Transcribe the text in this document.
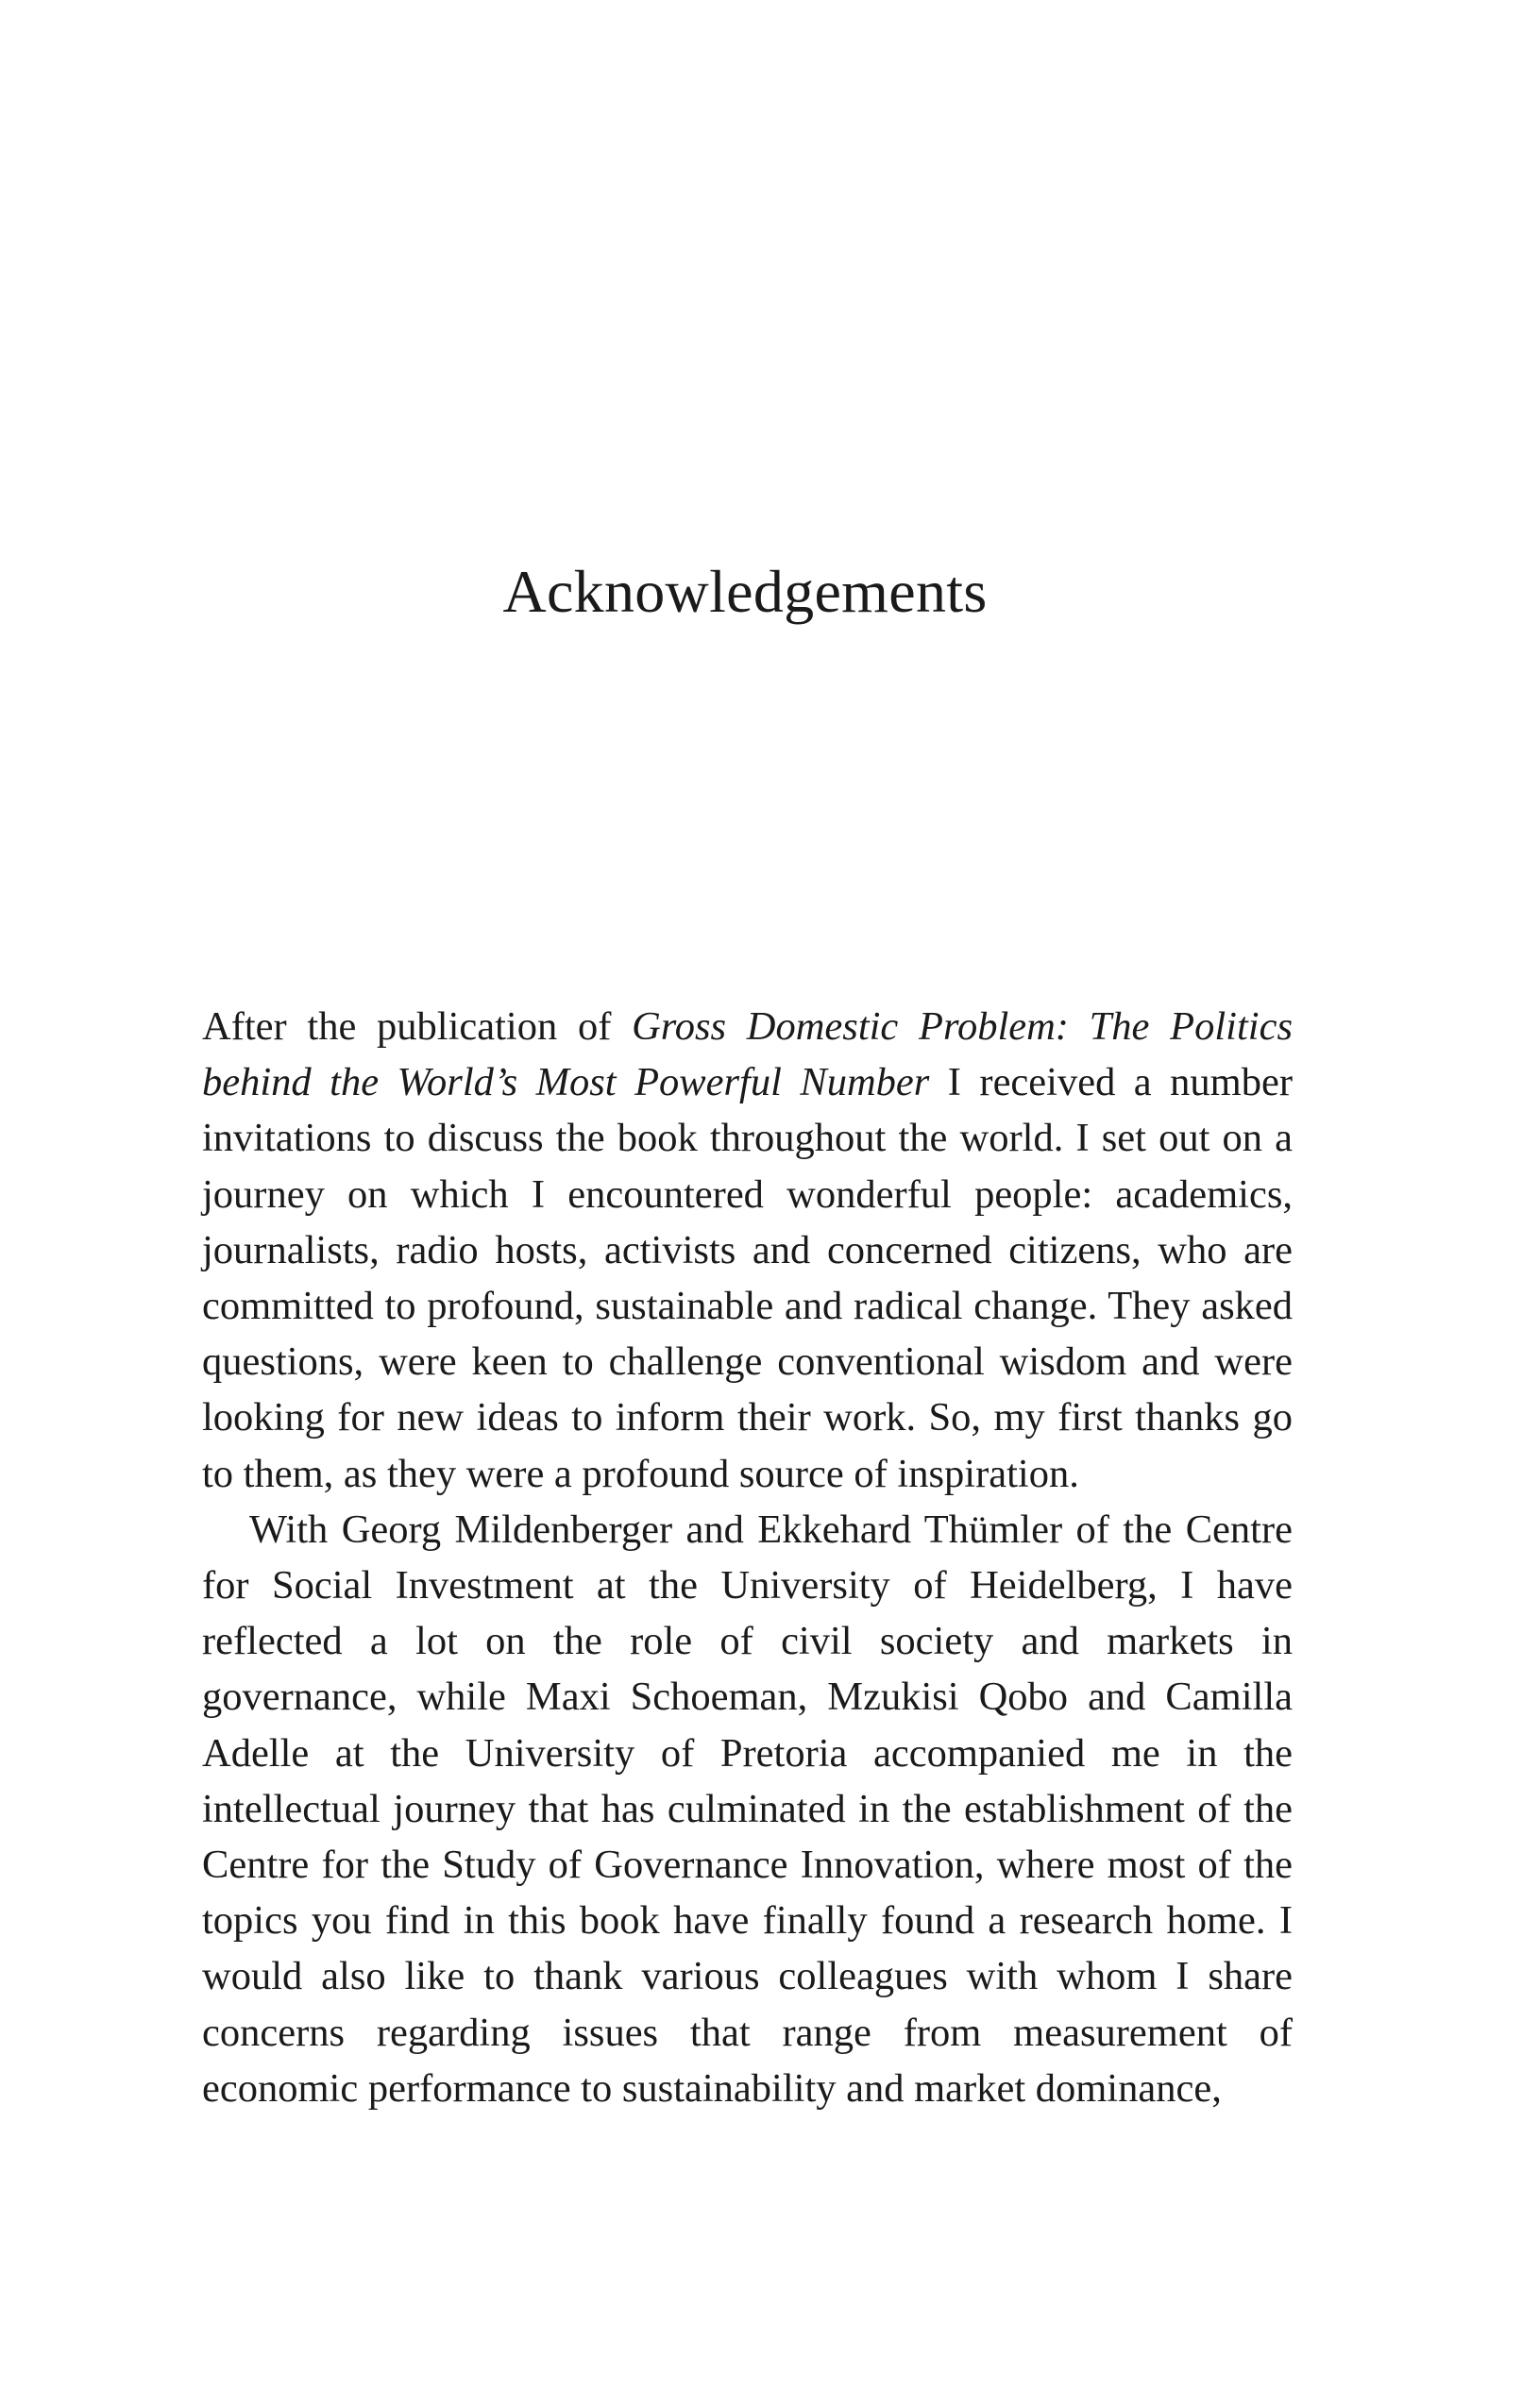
Acknowledgements

After the publication of Gross Domestic Problem: The Politics behind the World’s Most Powerful Number I received a number invitations to discuss the book throughout the world. I set out on a journey on which I encountered wonderful people: academics, journalists, radio hosts, activists and concerned citizens, who are committed to profound, sustainable and radical change. They asked questions, were keen to challenge conventional wisdom and were looking for new ideas to inform their work. So, my first thanks go to them, as they were a profound source of inspiration.

With Georg Mildenberger and Ekkehard Thümler of the Centre for Social Investment at the University of Heidelberg, I have reflected a lot on the role of civil society and markets in governance, while Maxi Schoeman, Mzukisi Qobo and Camilla Adelle at the University of Pretoria accompanied me in the intellectual journey that has culminated in the establishment of the Centre for the Study of Governance Innovation, where most of the topics you find in this book have finally found a research home. I would also like to thank various colleagues with whom I share concerns regarding issues that range from measurement of economic performance to sustainability and market dominance,
